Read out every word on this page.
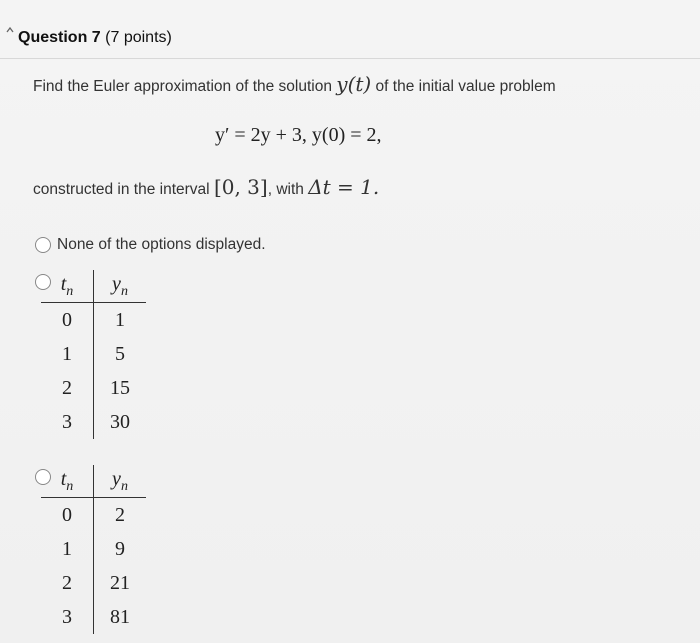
Question 7 (7 points)
Find the Euler approximation of the solution y(t) of the initial value problem
y′ = 2y + 3, y(0) = 2,
constructed in the interval [0, 3], with Δt = 1.
None of the options displayed.
$t_n$	$y_n$
0	1
1	5
2	15
3	30
$t_n$	$y_n$
0	2
1	9
2	21
3	81
